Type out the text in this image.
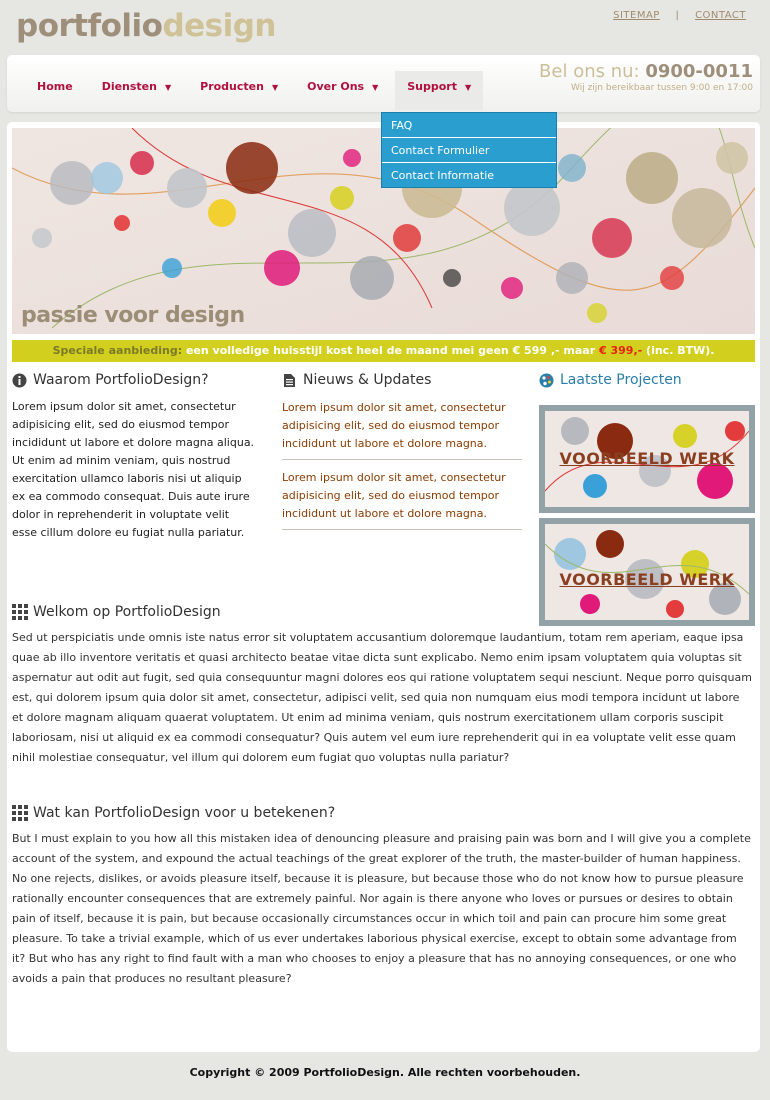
portfoliodesign	SITEMAP | CONTACT
Home	Diensten ▼	Producten ▼	Over Ons ▼	Support ▼
Bel ons nu: 0900-0011
Wij zijn bereikbaar tussen 9:00 en 17:00
FAQ
Contact Formulier
Contact Informatie
passie voor design
Speciale aanbieding: een volledige huisstijl kost heel de maand mei geen € 599 ,- maar € 399,- (inc. BTW).
Waarom PortfolioDesign?

Lorem ipsum dolor sit amet, consectetur adipisicing elit, sed do eiusmod tempor incididunt ut labore et dolore magna aliqua. Ut enim ad minim veniam, quis nostrud exercitation ullamco laboris nisi ut aliquip ex ea commodo consequat. Duis aute irure dolor in reprehenderit in voluptate velit esse cillum dolore eu fugiat nulla pariatur.

Nieuws & Updates
Lorem ipsum dolor sit amet, consectetur adipisicing elit, sed do eiusmod tempor incididunt ut labore et dolore magna.
Lorem ipsum dolor sit amet, consectetur adipisicing elit, sed do eiusmod tempor incididunt ut labore et dolore magna.
Laatste Projecten
VOORBEELD WERK
VOORBEELD WERK
Welkom op PortfolioDesign

Sed ut perspiciatis unde omnis iste natus error sit voluptatem accusantium doloremque laudantium, totam rem aperiam, eaque ipsa quae ab illo inventore veritatis et quasi architecto beatae vitae dicta sunt explicabo. Nemo enim ipsam voluptatem quia voluptas sit aspernatur aut odit aut fugit, sed quia consequuntur magni dolores eos qui ratione voluptatem sequi nesciunt. Neque porro quisquam est, qui dolorem ipsum quia dolor sit amet, consectetur, adipisci velit, sed quia non numquam eius modi tempora incidunt ut labore et dolore magnam aliquam quaerat voluptatem. Ut enim ad minima veniam, quis nostrum exercitationem ullam corporis suscipit laboriosam, nisi ut aliquid ex ea commodi consequatur? Quis autem vel eum iure reprehenderit qui in ea voluptate velit esse quam nihil molestiae consequatur, vel illum qui dolorem eum fugiat quo voluptas nulla pariatur?

Wat kan PortfolioDesign voor u betekenen?

But I must explain to you how all this mistaken idea of denouncing pleasure and praising pain was born and I will give you a complete account of the system, and expound the actual teachings of the great explorer of the truth, the master-builder of human happiness. No one rejects, dislikes, or avoids pleasure itself, because it is pleasure, but because those who do not know how to pursue pleasure rationally encounter consequences that are extremely painful. Nor again is there anyone who loves or pursues or desires to obtain pain of itself, because it is pain, but because occasionally circumstances occur in which toil and pain can procure him some great pleasure. To take a trivial example, which of us ever undertakes laborious physical exercise, except to obtain some advantage from it? But who has any right to find fault with a man who chooses to enjoy a pleasure that has no annoying consequences, or one who avoids a pain that produces no resultant pleasure?

Copyright © 2009 PortfolioDesign. Alle rechten voorbehouden.
